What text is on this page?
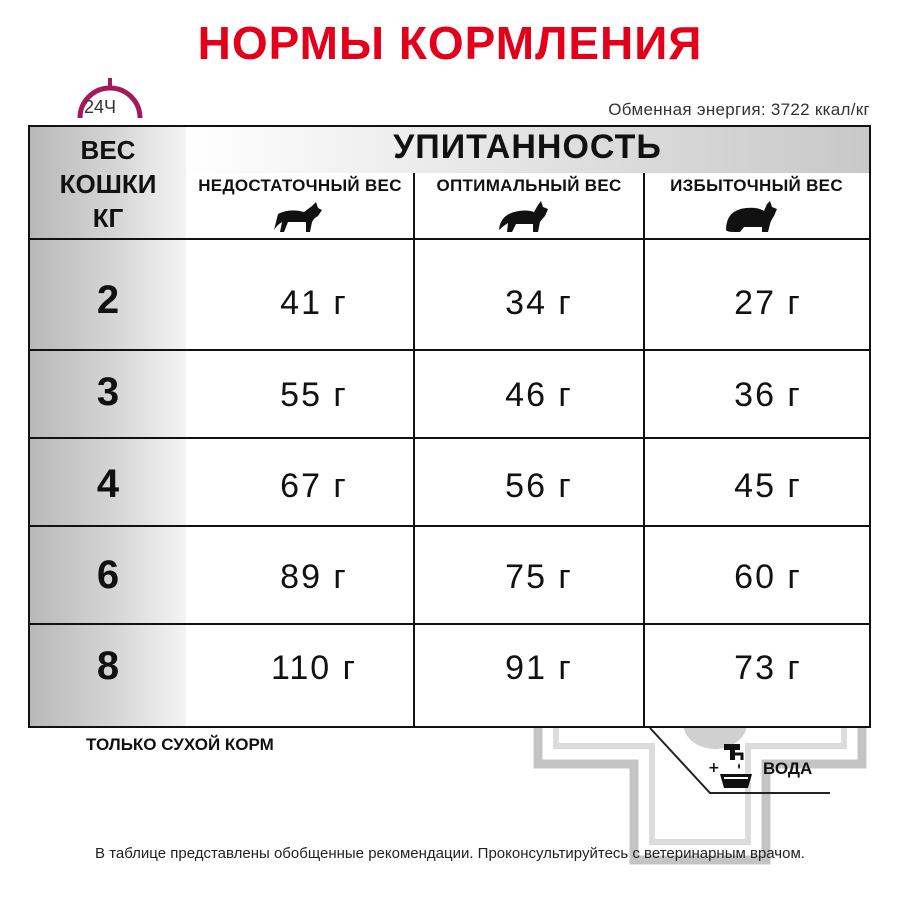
НОРМЫ КОРМЛЕНИЯ
24Ч	Обменная энергия: 3722 ккал/кг
ВЕС
КОШКИ
КГ
УПИТАННОСТЬ
НЕДОСТАТОЧНЫЙ ВЕС	ОПТИМАЛЬНЫЙ ВЕС	ИЗБЫТОЧНЫЙ ВЕС
2	41 г	34 г	27 г
3	55 г	46 г	36 г
4	67 г	56 г	45 г
6	89 г	75 г	60 г
8	110 г	91 г	73 г
ТОЛЬКО СУХОЙ КОРМ
+	ВОДА
В таблице представлены обобщенные рекомендации. Проконсультируйтесь с ветеринарным врачом.
